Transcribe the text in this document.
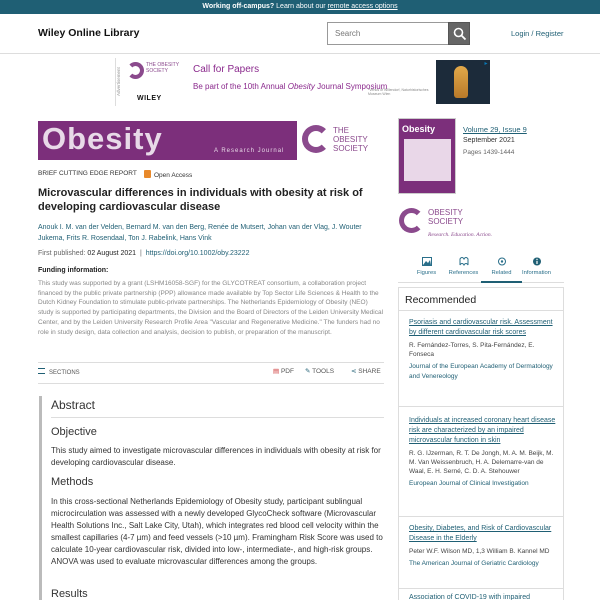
Working off-campus? Learn about our remote access options
Wiley Online Library	Search	Login / Register
Advertisement
THE OBESITY SOCIETY
WILEY
Call for Papers
Be part of the 10th Annual Obesity Journal Symposium
*Venus of Willendorf, Naturhistorisches Museum Wien
▸
Obesity	A Research Journal
THE
OBESITY
SOCIETY
Obesity	Volume 29, Issue 9
September 2021
Pages 1439-1444
OBESITY
SOCIETY
Research. Education. Action.
Figures	References	Related	Information
Recommended
Psoriasis and cardiovascular risk. Assessment by different cardiovascular risk scores
R. Fernández-Torres, S. Pita-Fernández, E. Fonseca
Journal of the European Academy of Dermatology and Venereology
Individuals at increased coronary heart disease risk are characterized by an impaired microvascular function in skin
R. G. IJzerman, R. T. De Jongh, M. A. M. Beijk, M. M. Van Weissenbruch, H. A. Delemarre-van de Waal, E. H. Serné, C. D. A. Stehouwer
European Journal of Clinical Investigation
Obesity, Diabetes, and Risk of Cardiovascular Disease in the Elderly
Peter W.F. Wilson MD, 1,3 William B. Kannel MD
The American Journal of Geriatric Cardiology
Association of COVID-19 with impaired
BRIEF CUTTING EDGE REPORT	Open Access
Microvascular differences in individuals with obesity at risk of developing cardiovascular disease
Anouk I. M. van der Velden, Bernard M. van den Berg, Renée de Mutsert, Johan van der Vlag, J. Wouter Jukema, Frits R. Rosendaal, Ton J. Rabelink, Hans Vink
First published: 02 August 2021  |  https://doi.org/10.1002/oby.23222
Funding information:
This study was supported by a grant (LSHM16058-SGF) for the GLYCOTREAT consortium, a collaboration project financed by the public private partnership (PPP) allowance made available by Top Sector Life Sciences & Health to the Dutch Kidney Foundation to stimulate public-private partnerships. The Netherlands Epidemiology of Obesity (NEO) study is supported by participating departments, the Division and the Board of Directors of the Leiden University Medical Center, and by the Leiden University Research Profile Area "Vascular and Regenerative Medicine." The funders had no role in study design, data collection and analysis, decision to publish, or preparation of the manuscript.
SECTIONS	▤ PDF ✎ TOOLS	⋖ SHARE
Abstract
Objective
This study aimed to investigate microvascular differences in individuals with obesity at risk for developing cardiovascular disease.
Methods
In this cross-sectional Netherlands Epidemiology of Obesity study, participant sublingual microcirculation was assessed with a newly developed GlycoCheck software (Microvascular Health Solutions Inc., Salt Lake City, Utah), which integrates red blood cell velocity within the smallest capillaries (4-7 µm) and feed vessels (>10 µm). Framingham Risk Score was used to calculate 10-year cardiovascular risk, divided into low-, intermediate-, and high-risk groups. ANOVA was used to evaluate microvascular differences among the groups.
Results
